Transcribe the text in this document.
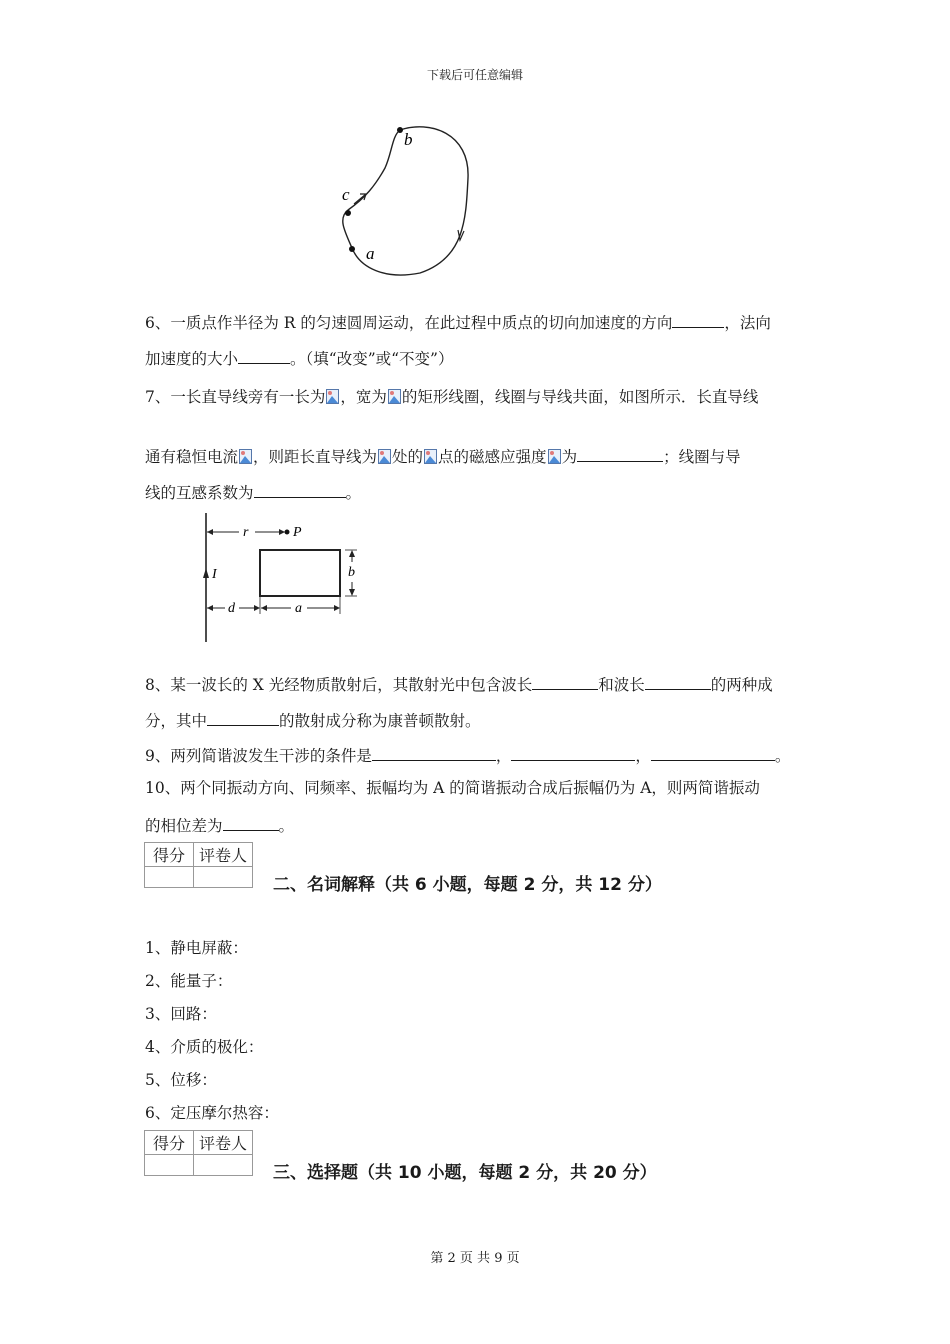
下载后可任意编辑
b
c
a
6、一质点作半径为 R 的匀速圆周运动，在此过程中质点的切向加速度的方向	，法向
加速度的大小	。（填“改变”或“不变”）
7、一长直导线旁有一长为 ，宽为 的矩形线圈，线圈与导线共面，如图所示．长直导线
通有稳恒电流 ，则距长直导线为 处的 点的磁感应强度 为	；线圈与导
线的互感系数为	。
I
r	P
b
d	a
8、某一波长的 X 光经物质散射后，其散射光中包含波长	和波长	的两种成
分，其中	的散射成分称为康普顿散射。
9、两列简谐波发生干涉的条件是	，	，	。
10、两个同振动方向、同频率、振幅均为 A 的简谐振动合成后振幅仍为 A，则两简谐振动
的相位差为	。
得分	评卷人

二、名词解释（共 6 小题，每题 2 分，共 12 分）
1、静电屏蔽：
2、能量子：
3、回路：
4、介质的极化：
5、位移：
6、定压摩尔热容：
得分	评卷人

三、选择题（共 10 小题，每题 2 分，共 20 分）
第 2 页 共 9 页
